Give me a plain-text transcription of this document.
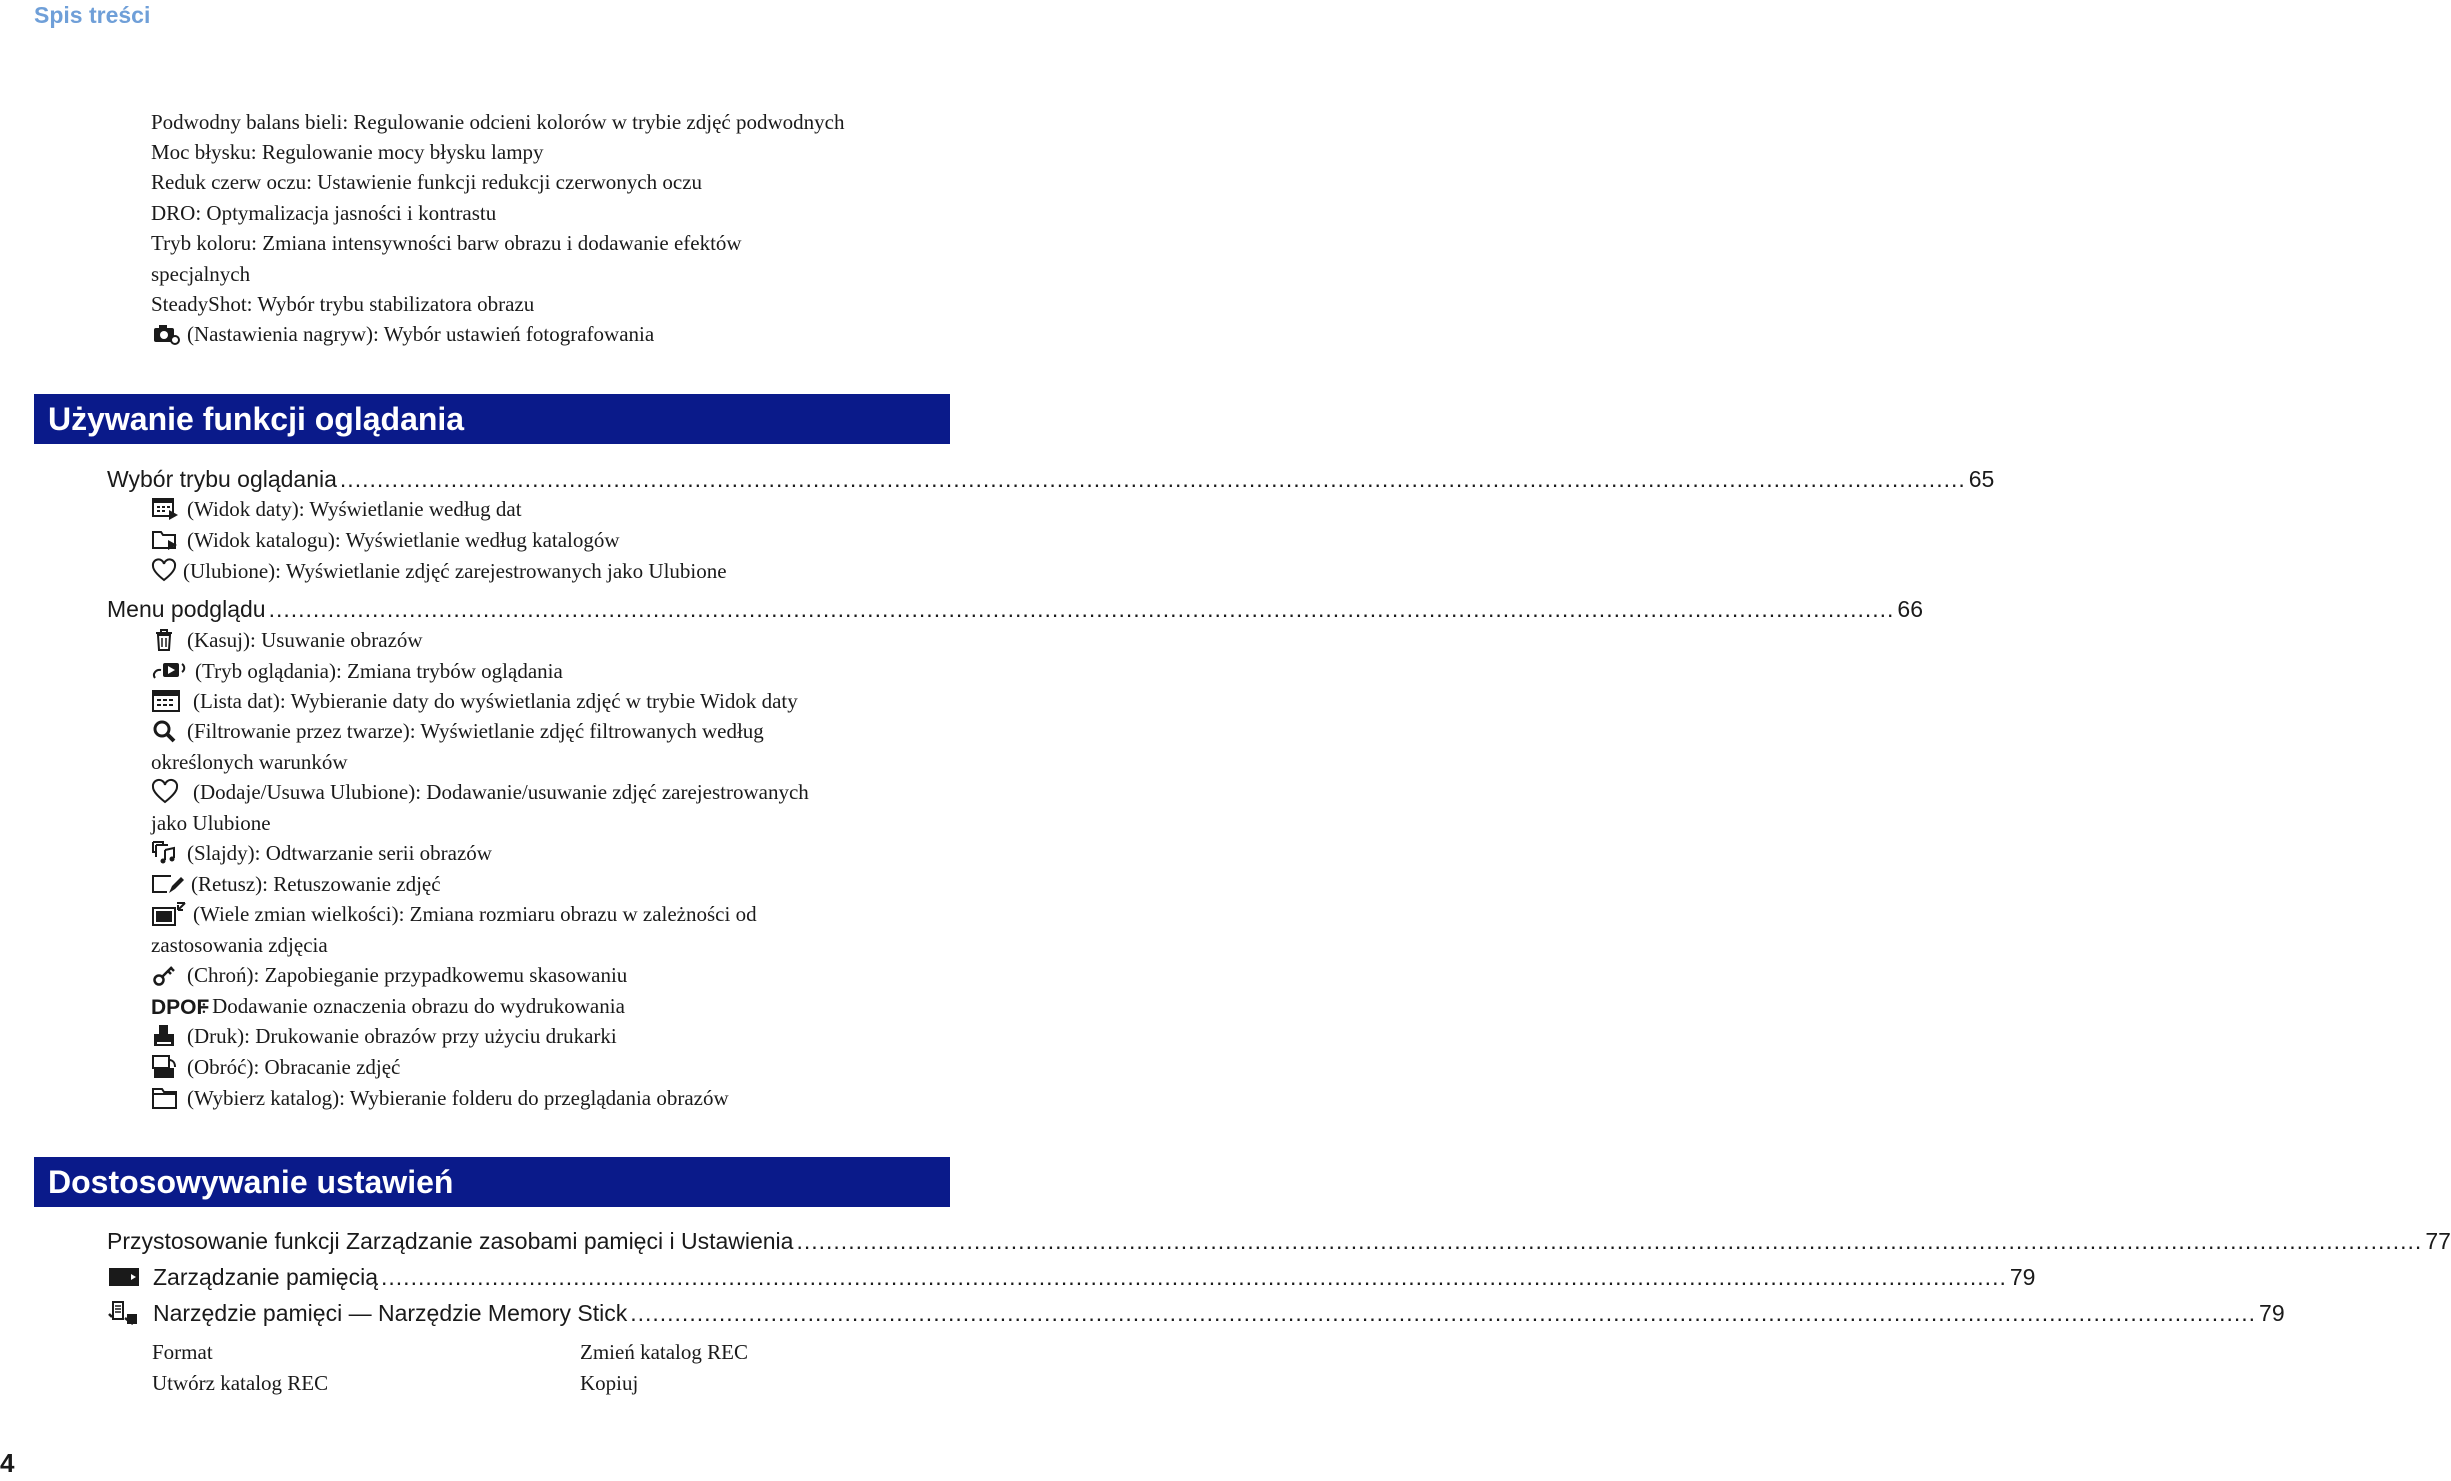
Spis treści
Podwodny balans bieli: Regulowanie odcieni kolorów w trybie zdjęć podwodnych
Moc błysku: Regulowanie mocy błysku lampy
Reduk czerw oczu: Ustawienie funkcji redukcji czerwonych oczu
DRO: Optymalizacja jasności i kontrastu
Tryb koloru: Zmiana intensywności barw obrazu i dodawanie efektów
specjalnych
SteadyShot: Wybór trybu stabilizatora obrazu
(Nastawienia nagryw): Wybór ustawień fotografowania
Używanie funkcji oglądania
Wybór trybu oglądania .....	65
(Widok daty): Wyświetlanie według dat
(Widok katalogu): Wyświetlanie według katalogów
(Ulubione): Wyświetlanie zdjęć zarejestrowanych jako Ulubione
Menu podglądu .....	66
(Kasuj): Usuwanie obrazów
(Tryb oglądania): Zmiana trybów oglądania
(Lista dat): Wybieranie daty do wyświetlania zdjęć w trybie Widok daty
(Filtrowanie przez twarze): Wyświetlanie zdjęć filtrowanych według
określonych warunków
(Dodaje/Usuwa Ulubione): Dodawanie/usuwanie zdjęć zarejestrowanych
jako Ulubione
(Slajdy): Odtwarzanie serii obrazów
(Retusz): Retuszowanie zdjęć
(Wiele zmian wielkości): Zmiana rozmiaru obrazu w zależności od
zastosowania zdjęcia
(Chroń): Zapobieganie przypadkowemu skasowaniu
DPOF
: Dodawanie oznaczenia obrazu do wydrukowania
(Druk): Drukowanie obrazów przy użyciu drukarki
(Obróć): Obracanie zdjęć
(Wybierz katalog): Wybieranie folderu do przeglądania obrazów
Dostosowywanie ustawień
Przystosowanie funkcji Zarządzanie zasobami pamięci i Ustawienia .....	77
Zarządzanie pamięcią .....	79
Narzędzie pamięci — Narzędzie Memory Stick .....	79
Format	Zmień katalog REC
Utwórz katalog REC	Kopiuj
4
